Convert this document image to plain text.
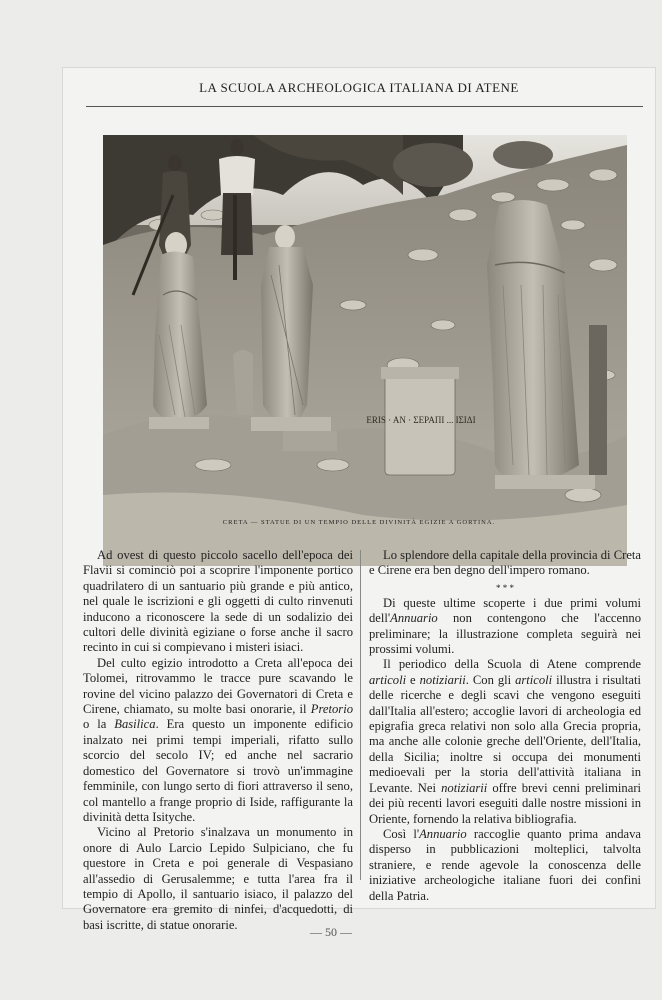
LA SCUOLA ARCHEOLOGICA ITALIANA DI ATENE
ERIS · AN · ΣΕΡΑΠΙ ... ΙΣΙΔΙ
CRETA — STATUE DI UN TEMPIO DELLE DIVINITÀ EGIZIE A GORTINA.

Ad ovest di questo piccolo sacello dell'epoca dei Flavii si cominciò poi a scoprire l'imponente portico quadrilatero di un santuario più grande e più antico, nel quale le iscrizioni e gli oggetti di culto rinvenuti inducono a riconoscere la sede di un sodalizio dei cultori delle divinità egiziane o forse anche il sacro recinto in cui si compievano i misteri isiaci.

Del culto egizio introdotto a Creta all'epoca dei Tolomei, ritrovammo le tracce pure scavando le rovine del vicino palazzo dei Governatori di Creta e Cirene, chiamato, su molte basi onorarie, il Pretorio o la Basilica. Era questo un imponente edificio inalzato nei primi tempi imperiali, rifatto sullo scorcio del secolo IV; ed anche nel sacrario domestico del Governatore si trovò un'immagine femminile, con lungo serto di fiori attraverso il seno, col mantello a frange proprio di Iside, raffigurante la divinità detta Isityche.

Vicino al Pretorio s'inalzava un monumento in onore di Aulo Larcio Lepido Sulpiciano, che fu questore in Creta e poi generale di Vespasiano all'assedio di Gerusalemme; e tutta l'area fra il tempio di Apollo, il santuario isiaco, il palazzo del Governatore era gremito di ninfei, d'acquedotti, di basi iscritte, di statue onorarie.

Lo splendore della capitale della provincia di Creta e Cirene era ben degno dell'impero romano.

* * *

Di queste ultime scoperte i due primi volumi dell'Annuario non contengono che l'accenno preliminare; la illustrazione completa seguirà nei prossimi volumi.

Il periodico della Scuola di Atene comprende articoli e notiziarii. Con gli articoli illustra i risultati delle ricerche e degli scavi che vengono eseguiti dall'Italia all'estero; accoglie lavori di archeologia ed epigrafia greca relativi non solo alla Grecia propria, ma anche alle colonie greche dell'Oriente, dell'Italia, della Sicilia; inoltre si occupa dei monumenti medioevali per la storia dell'attività italiana in Levante. Nei notiziarii offre brevi cenni preliminari dei più recenti lavori eseguiti dalle nostre missioni in Oriente, fornendo la relativa bibliografia.

Così l'Annuario raccoglie quanto prima andava disperso in pubblicazioni molteplici, talvolta straniere, e rende agevole la conoscenza delle iniziative archeologiche italiane fuori dei confini della Patria.

— 50 —
